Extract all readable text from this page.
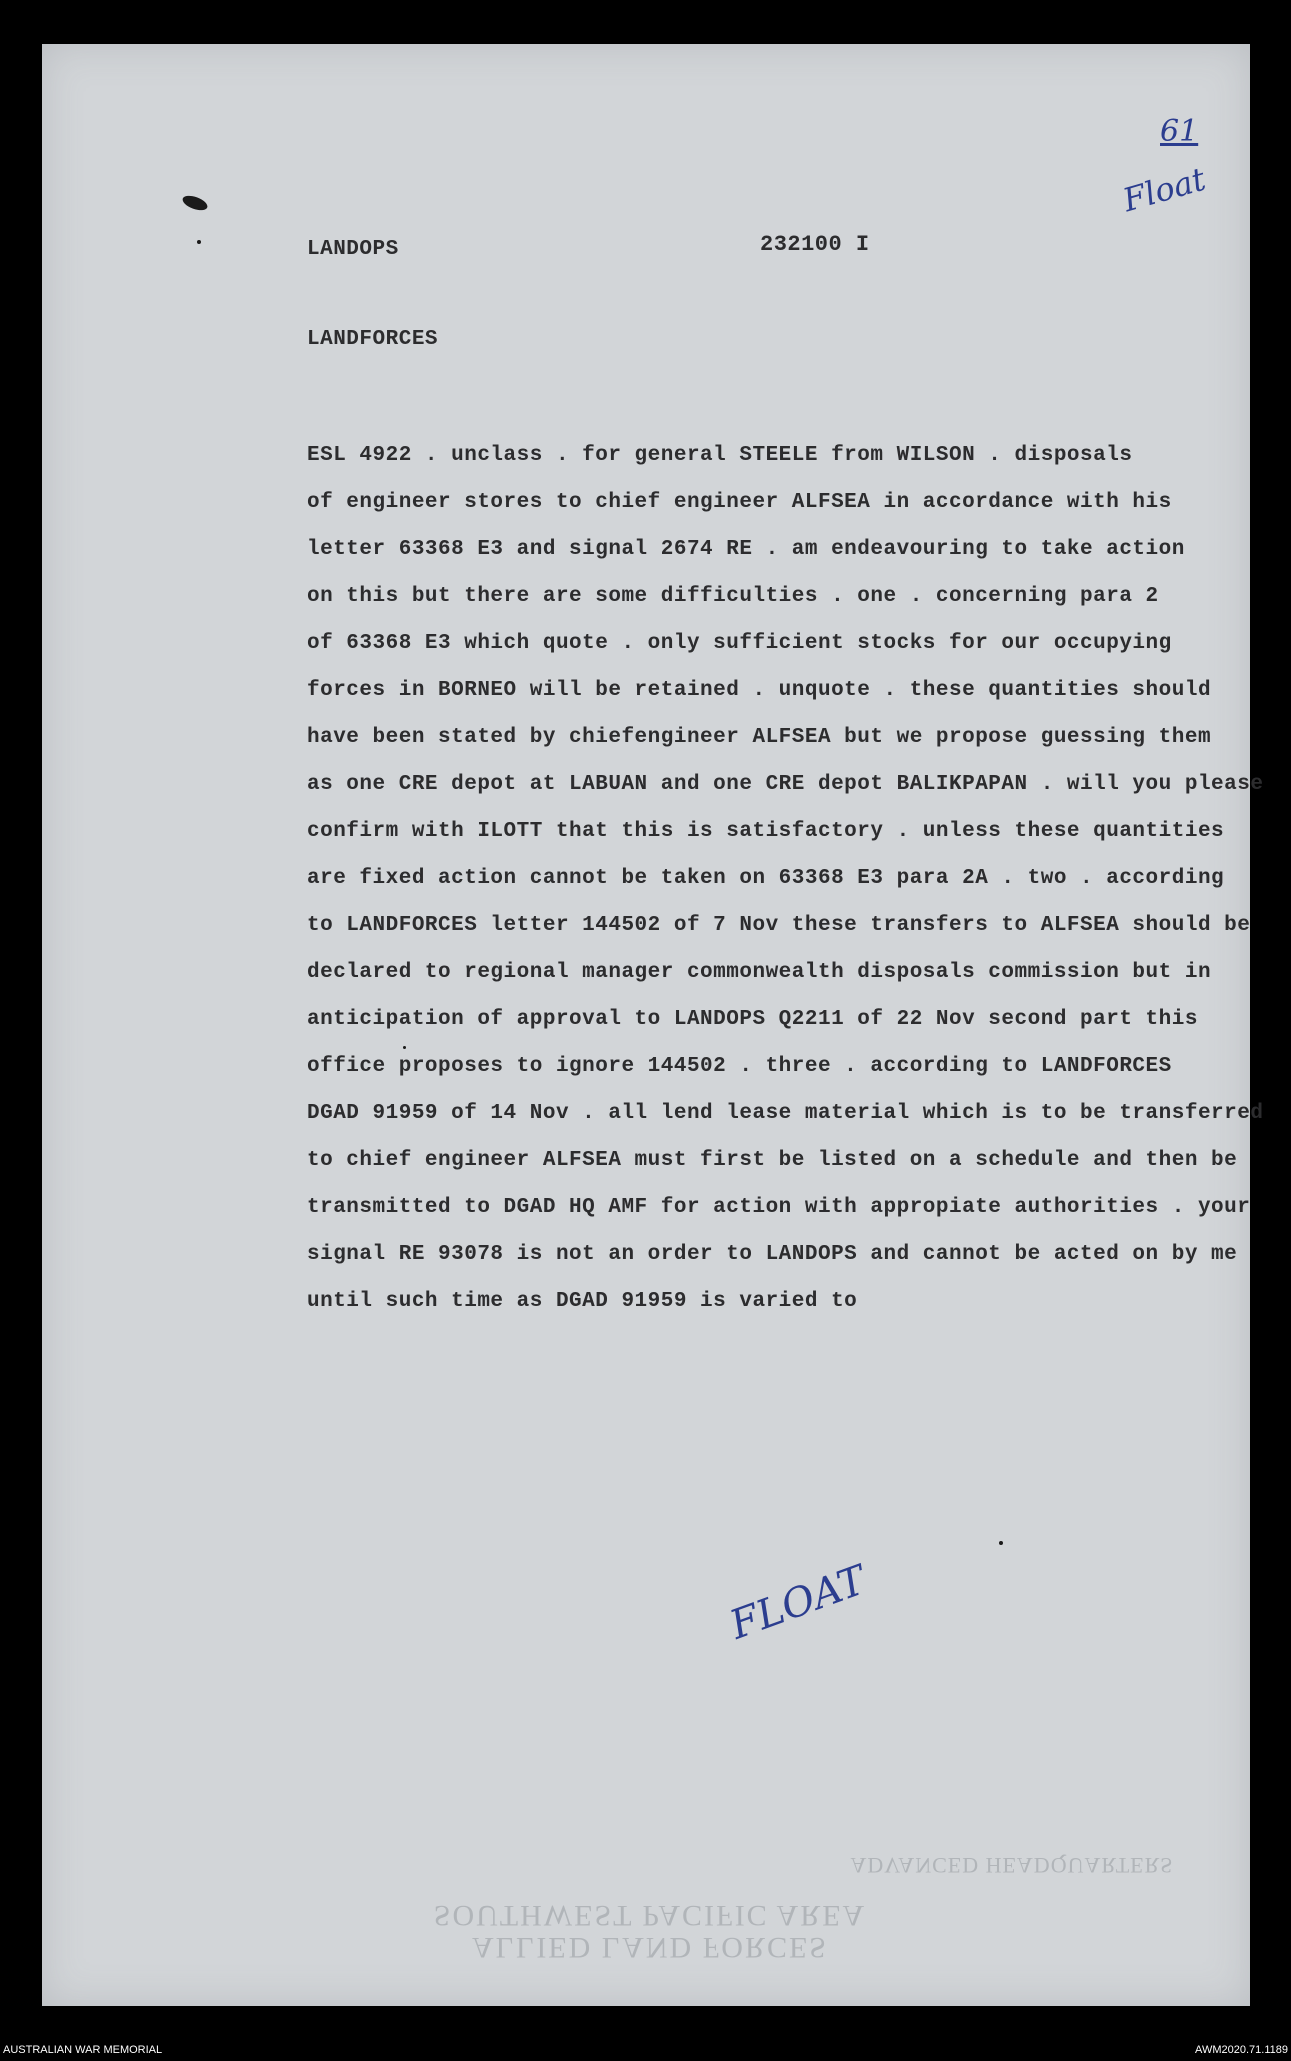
61
Float
LANDOPS	232100 I
LANDFORCES
ESL 4922 . unclass . for general STEELE from WILSON . disposals
of engineer stores to chief engineer ALFSEA in accordance with his
letter 63368 E3 and signal 2674 RE . am endeavouring to take action
on this but there are some difficulties . one . concerning para 2
of 63368 E3 which quote . only sufficient stocks for our occupying
forces in BORNEO will be retained . unquote . these quantities should
have been stated by chiefengineer ALFSEA but we propose guessing them
as one CRE depot at LABUAN and one CRE depot BALIKPAPAN . will you please
confirm with ILOTT that this is satisfactory . unless these quantities
are fixed action cannot be taken on 63368 E3 para 2A . two . according
to LANDFORCES letter 144502 of 7 Nov these transfers to ALFSEA should be
declared to regional manager commonwealth disposals commission but in
anticipation of approval to LANDOPS Q2211 of 22 Nov second part this
office proposes to ignore 144502 . three . according to LANDFORCES
DGAD 91959 of 14 Nov . all lend lease material which is to be transferred
to chief engineer ALFSEA must first be listed on a schedule and then be
transmitted to DGAD HQ AMF for action with appropiate authorities . your
signal RE 93078 is not an order to LANDOPS and cannot be acted on by me
until such time as DGAD 91959 is varied to
FLOAT
ADVANCED HEADQUARTERS
SOUTHWEST PACIFIC AREA
ALLIED LAND FORCES
AUSTRALIAN WAR MEMORIAL	AWM2020.71.1189
